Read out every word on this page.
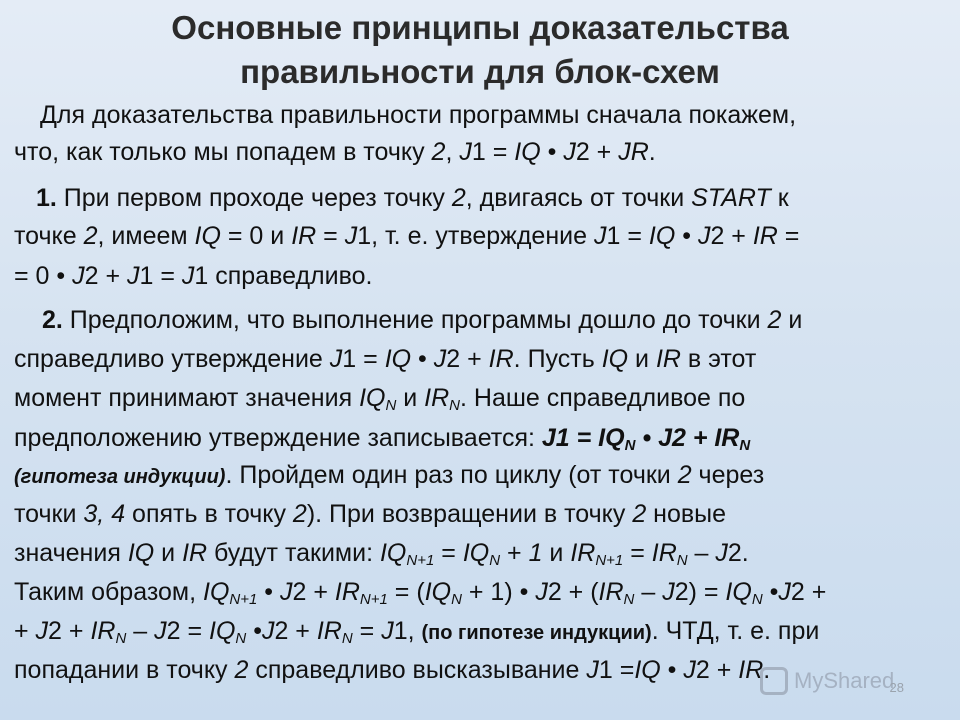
Основные принципы доказательства
правильности для блок-схем
Для доказательства правильности программы сначала покажем,
что, как только мы попадем в точку 2, J1 = IQ • J2 + JR.
1. При первом проходе через точку 2, двигаясь от точки START к
точке 2, имеем IQ = 0 и IR = J1, т. е. утверждение J1 = IQ • J2 + IR =
= 0 • J2 + J1 = J1 справедливо.
2. Предположим, что выполнение программы дошло до точки 2 и
справедливо утверждение J1 = IQ • J2 + IR. Пусть IQ и IR в этот
момент принимают значения $IQ_N$ и $IR_N$. Наше справедливое по
предположению утверждение записывается: $J1 = IQ_N$ • $J2 + IR_N$
(гипотеза индукции). Пройдем один раз по циклу (от точки 2 через
точки 3, 4 опять в точку 2). При возвращении в точку 2 новые
значения IQ и IR будут такими: $IQ_{N+1} = IQ_N + 1$ и $IR_{N+1} = IR_N - J2$.
Таким образом, $IQ_{N+1}$ • $J2 + IR_{N+1} = (IQ_N + 1)$ • $J2 + (IR_N - J2) = IQ_N$ •J2 +
+ $J2 + IR_N - J2 = IQ_N$ •J2 + $IR_N = J1$, (по гипотезе индукции). ЧТД, т. е. при
попадании в точку 2 справедливо высказывание J1 =IQ • J2 + IR. MyShared
28
